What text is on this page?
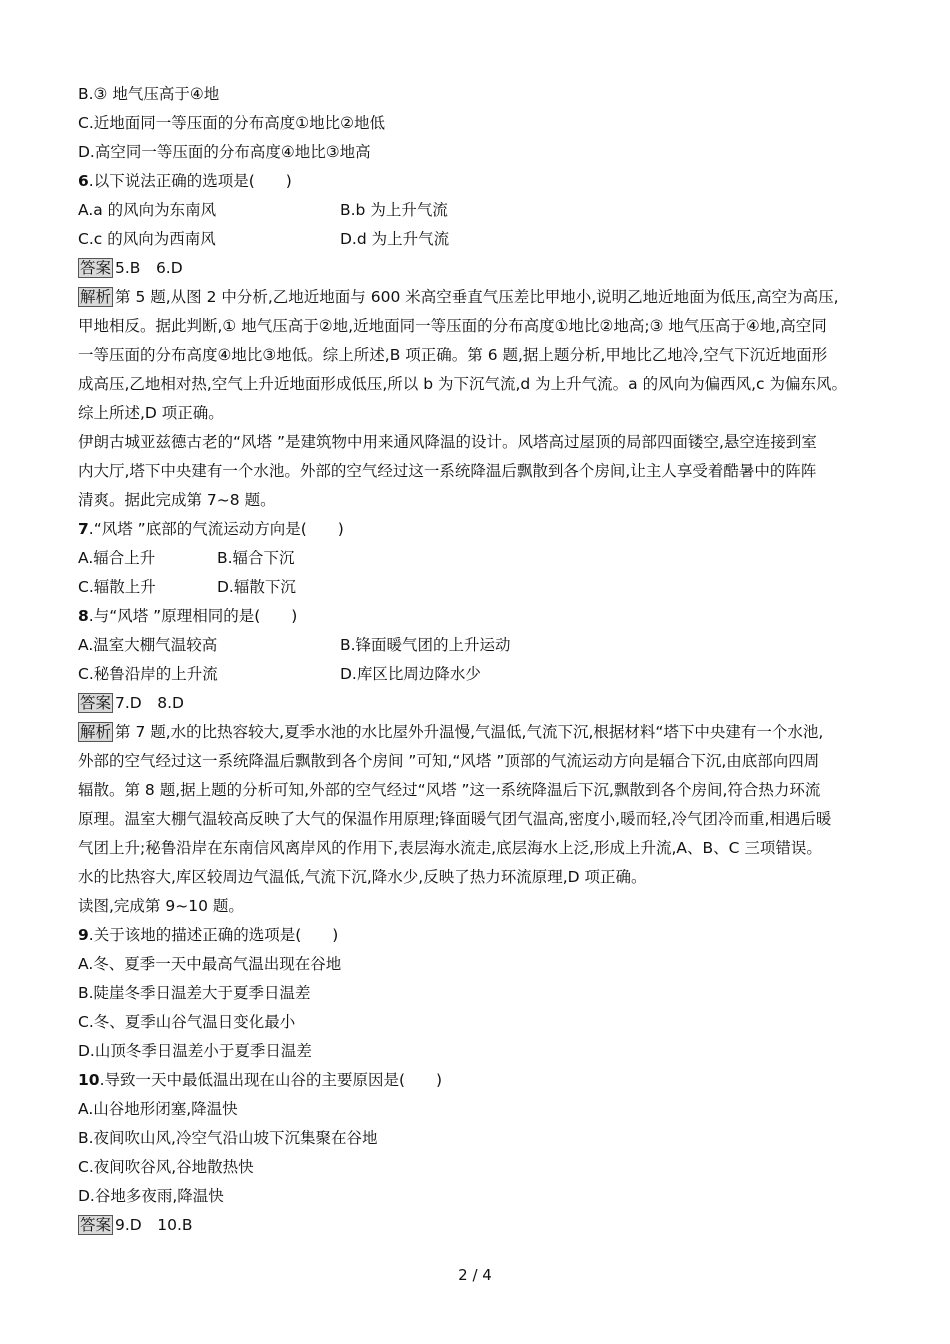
B.③ 地气压高于④地
C.近地面同一等压面的分布高度①地比②地低
D.高空同一等压面的分布高度④地比③地高
6.以下说法正确的选项是(　　)
A.a 的风向为东南风	B.b 为上升气流
C.c 的风向为西南风	D.d 为上升气流
答案 5.B　6.D
解析 第 5 题,从图 2 中分析,乙地近地面与 600 米高空垂直气压差比甲地小,说明乙地近地面为低压,高空为高压,
甲地相反。据此判断,① 地气压高于②地,近地面同一等压面的分布高度①地比②地高;③ 地气压高于④地,高空同
一等压面的分布高度④地比③地低。综上所述,B 项正确。第 6 题,据上题分析,甲地比乙地冷,空气下沉近地面形
成高压,乙地相对热,空气上升近地面形成低压,所以 b 为下沉气流,d 为上升气流。a 的风向为偏西风,c 为偏东风。
综上所述,D 项正确。
伊朗古城亚兹德古老的“风塔 ”是建筑物中用来通风降温的设计。风塔高过屋顶的局部四面镂空,悬空连接到室
内大厅,塔下中央建有一个水池。外部的空气经过这一系统降温后飘散到各个房间,让主人享受着酷暑中的阵阵
清爽。据此完成第 7~8 题。
7.“风塔 ”底部的气流运动方向是(　　)
A.辐合上升	B.辐合下沉
C.辐散上升	D.辐散下沉
8.与“风塔 ”原理相同的是(　　)
A.温室大棚气温较高	B.锋面暖气团的上升运动
C.秘鲁沿岸的上升流	D.库区比周边降水少
答案 7.D　8.D
解析 第 7 题,水的比热容较大,夏季水池的水比屋外升温慢,气温低,气流下沉,根据材料“塔下中央建有一个水池,
外部的空气经过这一系统降温后飘散到各个房间 ”可知,“风塔 ”顶部的气流运动方向是辐合下沉,由底部向四周
辐散。第 8 题,据上题的分析可知,外部的空气经过“风塔 ”这一系统降温后下沉,飘散到各个房间,符合热力环流
原理。温室大棚气温较高反映了大气的保温作用原理;锋面暖气团气温高,密度小,暖而轻,冷气团冷而重,相遇后暖
气团上升;秘鲁沿岸在东南信风离岸风的作用下,表层海水流走,底层海水上泛,形成上升流,A、B、C 三项错误。
水的比热容大,库区较周边气温低,气流下沉,降水少,反映了热力环流原理,D 项正确。
读图,完成第 9~10 题。
9.关于该地的描述正确的选项是(　　)
A.冬、夏季一天中最高气温出现在谷地
B.陡崖冬季日温差大于夏季日温差
C.冬、夏季山谷气温日变化最小
D.山顶冬季日温差小于夏季日温差
10.导致一天中最低温出现在山谷的主要原因是(　　)
A.山谷地形闭塞,降温快
B.夜间吹山风,冷空气沿山坡下沉集聚在谷地
C.夜间吹谷风,谷地散热快
D.谷地多夜雨,降温快
答案 9.D　10.B
2 / 4
